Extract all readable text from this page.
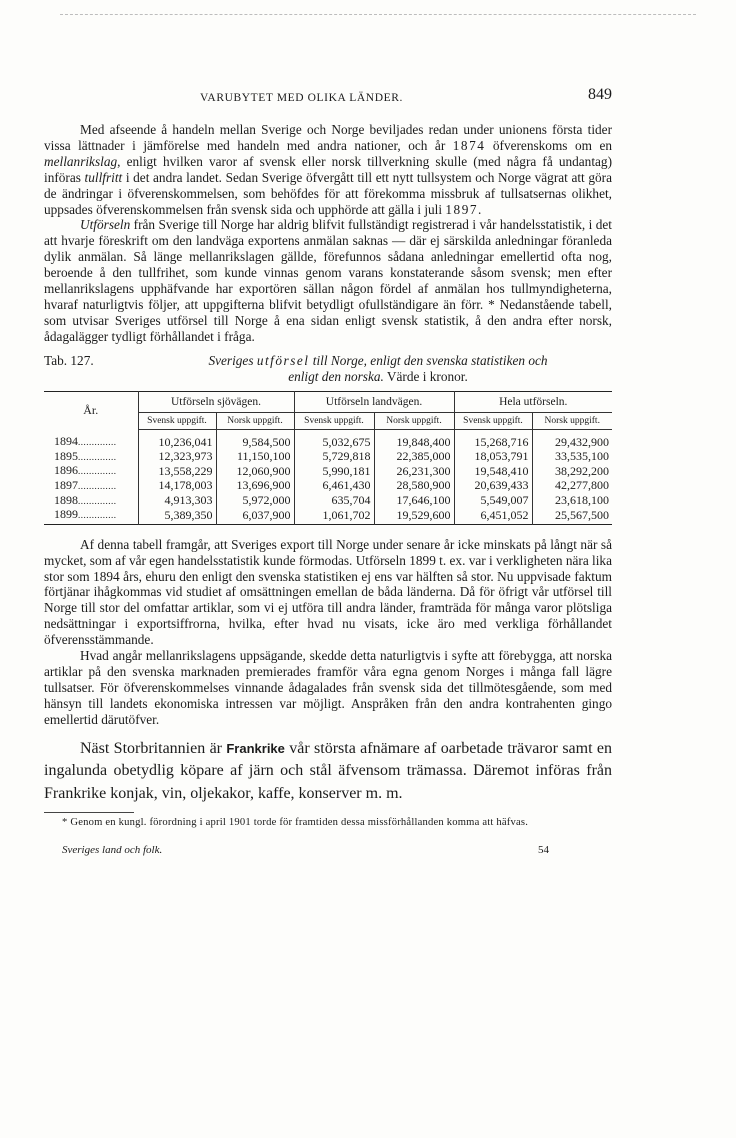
VARUBYTET MED OLIKA LÄNDER.	849

Med afseende å handeln mellan Sverige och Norge beviljades redan under unionens första tider vissa lättnader i jämförelse med handeln med andra nationer, och år 1874 öfverenskoms om en mellanrikslag, enligt hvilken varor af svensk eller norsk tillverkning skulle (med några få undantag) införas tullfritt i det andra landet. Sedan Sverige öfvergått till ett nytt tullsystem och Norge vägrat att göra de ändringar i öfverenskommelsen, som behöfdes för att förekomma missbruk af tullsatsernas olikhet, uppsades öfverenskommelsen från svensk sida och upphörde att gälla i juli 1897.

Utförseln från Sverige till Norge har aldrig blifvit fullständigt registrerad i vår handelsstatistik, i det att hvarje föreskrift om den landväga exportens anmälan saknas — där ej särskilda anledningar föranleda dylik anmälan. Så länge mellanrikslagen gällde, förefunnos sådana anledningar emellertid ofta nog, beroende å den tullfrihet, som kunde vinnas genom varans konstaterande såsom svensk; men efter mellanrikslagens upphäfvande har exportören sällan någon fördel af anmälan hos tullmyndigheterna, hvaraf naturligtvis följer, att uppgifterna blifvit betydligt ofullständigare än förr. * Nedanstående tabell, som utvisar Sveriges utförsel till Norge å ena sidan enligt svensk statistik, å den andra efter norsk, ådagalägger tydligt förhållandet i fråga.

Tab. 127.	Sveriges utförsel till Norge, enligt den svenska statistiken och
enligt den norska. Värde i kronor.
År.	Utförseln sjövägen.		Utförseln landvägen.		Hela utförseln.	
	Svensk uppgift.	Norsk uppgift.	Svensk uppgift.	Norsk uppgift.	Svensk uppgift.	Norsk uppgift.
1894..............	10,236,041	9,584,500	5,032,675	19,848,400	15,268,716	29,432,900
1895..............	12,323,973	11,150,100	5,729,818	22,385,000	18,053,791	33,535,100
1896..............	13,558,229	12,060,900	5,990,181	26,231,300	19,548,410	38,292,200
1897..............	14,178,003	13,696,900	6,461,430	28,580,900	20,639,433	42,277,800
1898..............	4,913,303	5,972,000	635,704	17,646,100	5,549,007	23,618,100
1899..............	5,389,350	6,037,900	1,061,702	19,529,600	6,451,052	25,567,500

Af denna tabell framgår, att Sveriges export till Norge under senare år icke minskats på långt när så mycket, som af vår egen handelsstatistik kunde förmodas. Utförseln 1899 t. ex. var i verkligheten nära lika stor som 1894 års, ehuru den enligt den svenska statistiken ej ens var hälften så stor. Nu uppvisade faktum förtjänar ihågkommas vid studiet af omsättningen emellan de båda länderna. Då för öfrigt vår utförsel till Norge till stor del omfattar artiklar, som vi ej utföra till andra länder, framträda för många varor plötsliga nedsättningar i exportsiffrorna, hvilka, efter hvad nu visats, icke äro med verkliga förhållandet öfverensstämmande.

Hvad angår mellanrikslagens uppsägande, skedde detta naturligtvis i syfte att förebygga, att norska artiklar på den svenska marknaden premierades framför våra egna genom Norges i många fall lägre tullsatser. För öfverenskommelses vinnande ådagalades från svensk sida det tillmötesgående, som med hänsyn till landets ekonomiska intressen var möjligt. Anspråken från den andra kontrahenten gingo emellertid därutöfver.

Näst Storbritannien är Frankrike vår största afnämare af oarbetade trävaror samt en ingalunda obetydlig köpare af järn och stål äfvensom trämassa. Däremot införas från Frankrike konjak, vin, oljekakor, kaffe, konserver m. m.

* Genom en kungl. förordning i april 1901 torde för framtiden dessa missförhållanden komma att häfvas.

Sveriges land och folk.	54
